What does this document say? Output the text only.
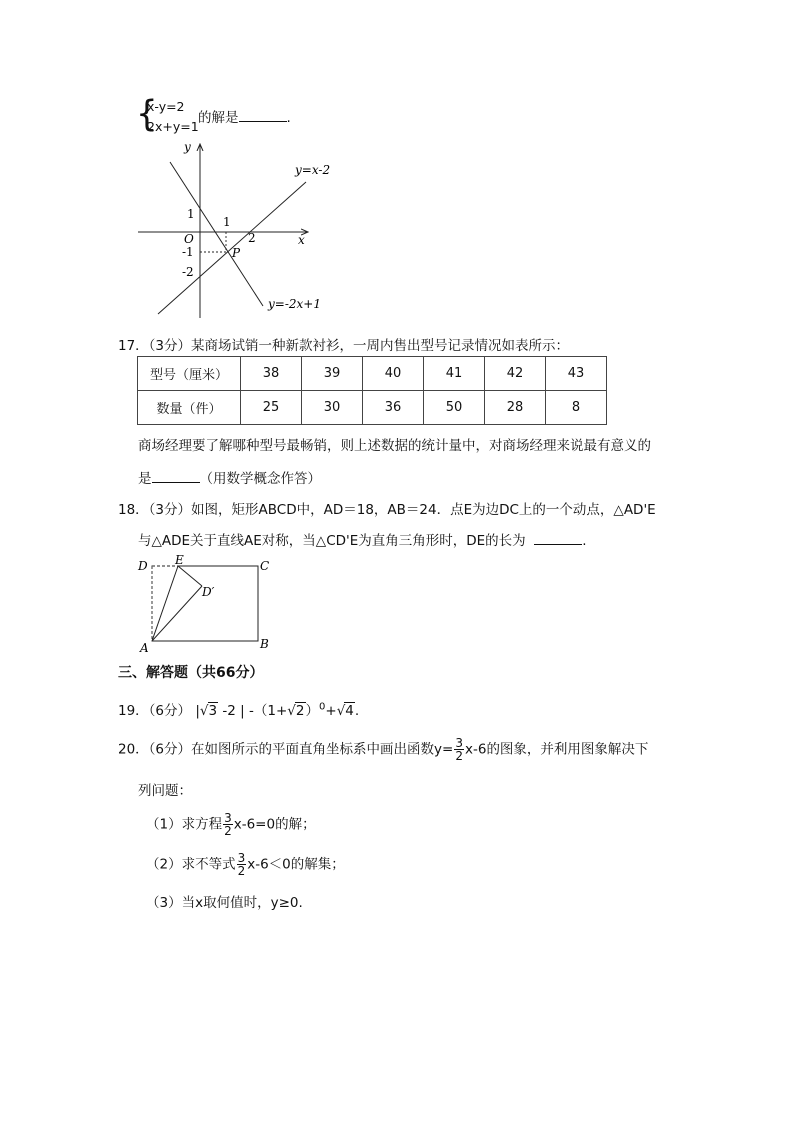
{
x-y=2
2x+y=1
的解是	.
y
x
O
1
-1
-2
1
2
P
y=x-2
y=-2x+1
17．（3分）某商场试销一种新款衬衫，一周内售出型号记录情况如表所示：
型号（厘米）	38	39	40	41	42	43
数量（件）	25	30	36	50	28	8
商场经理要了解哪种型号最畅销，则上述数据的统计量中，对商场经理来说最有意义的
是	（用数学概念作答）
18．（3分）如图，矩形ABCD中，AD＝18，AB＝24．点E为边DC上的一个动点，△AD'E
与△ADE关于直线AE对称，当△CD'E为直角三角形时，DE的长为	.
D E	C
D′
A	B
三、解答题（共66分）
19．（6分） |√3 -2 | $-(1+√2)^0+√4$.
20．（6分）在如图所示的平面直角坐标系中画出函数$y= \frac{3}{2} x-6$的图象，并利用图象解决下
列问题：
（1）求方程 $\frac{3}{2} x-6=0$的解；
（2）求不等式 $\frac{3}{2} x-6<0$的解集；
（3）当x取何值时，y≥0.
